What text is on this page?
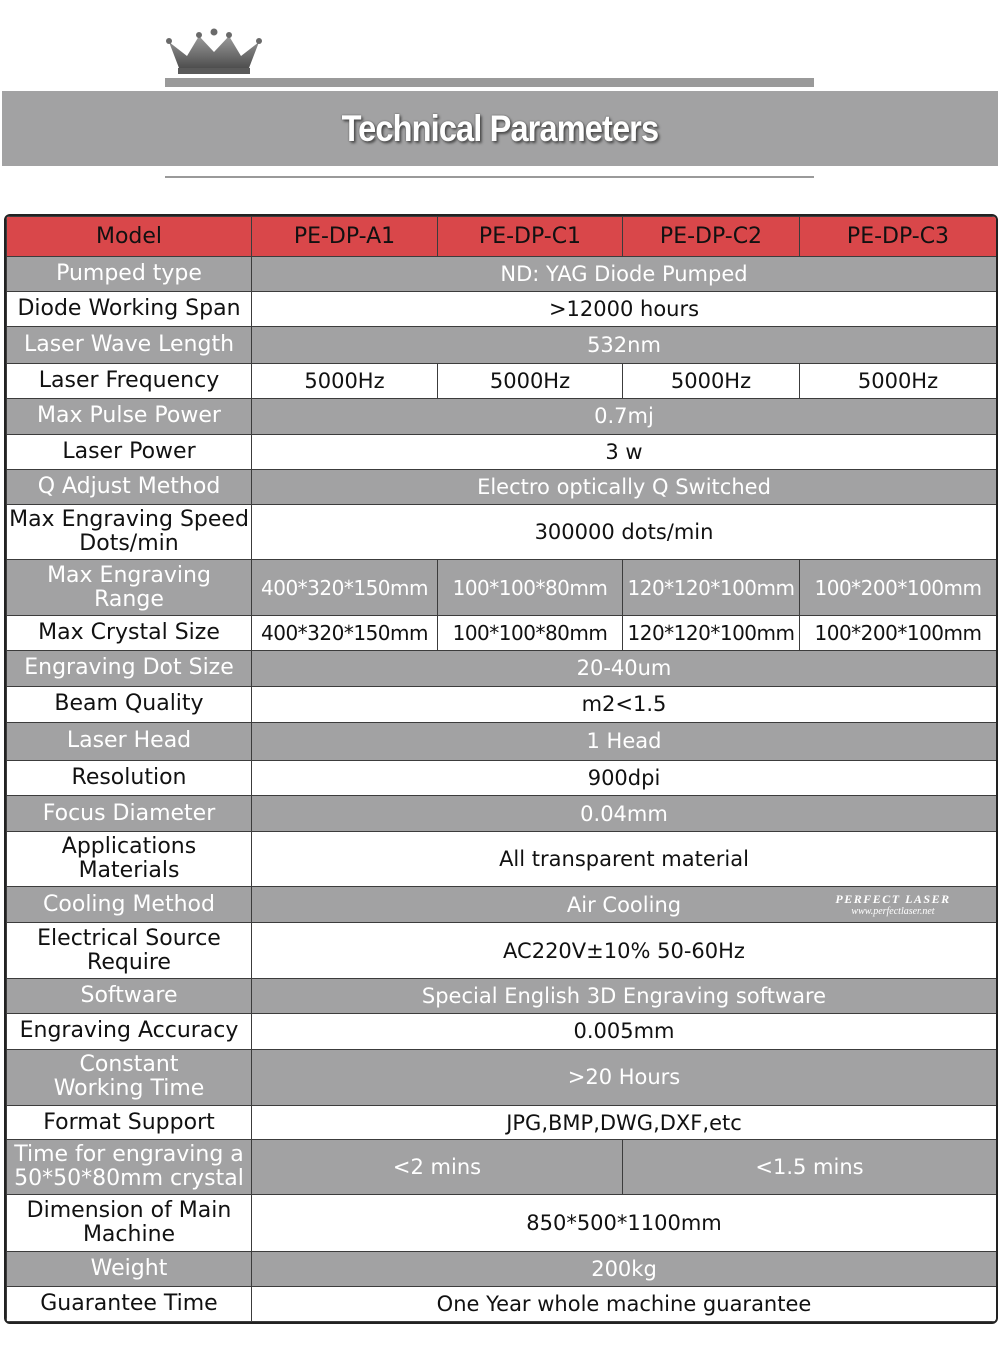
Technical Parameters
Model	PE-DP-A1	PE-DP-C1	PE-DP-C2	PE-DP-C3
Pumped type	ND: YAG Diode Pumped			
Diode Working Span	>12000 hours			
Laser Wave Length	532nm			
Laser Frequency	5000Hz	5000Hz	5000Hz	5000Hz
Max Pulse Power	0.7mj			
Laser Power	3 w			
Q Adjust Method	Electro optically Q Switched			
Max Engraving Speed
Dots/min	300000 dots/min			
Max Engraving
Range	400*320*150mm	100*100*80mm	120*120*100mm	100*200*100mm
Max Crystal Size	400*320*150mm	100*100*80mm	120*120*100mm	100*200*100mm
Engraving Dot Size	20-40um			
Beam Quality	m2<1.5			
Laser Head	1 Head			
Resolution	900dpi			
Focus Diameter	0.04mm			
Applications Materials	All transparent material			
Cooling Method	Air Cooling			
Electrical Source
Require	AC220V±10% 50-60Hz			
Software	Special English 3D Engraving software			
Engraving Accuracy	0.005mm			
Constant
Working Time	>20 Hours			
Format Support	JPG,BMP,DWG,DXF,etc			
Time for engraving a
50*50*80mm crystal	<2 mins		<1.5 mins	
Dimension of Main
Machine	850*500*1100mm			
Weight	200kg			
Guarantee Time	One Year whole machine guarantee			
PERFECT LASER
www.perfectlaser.net
